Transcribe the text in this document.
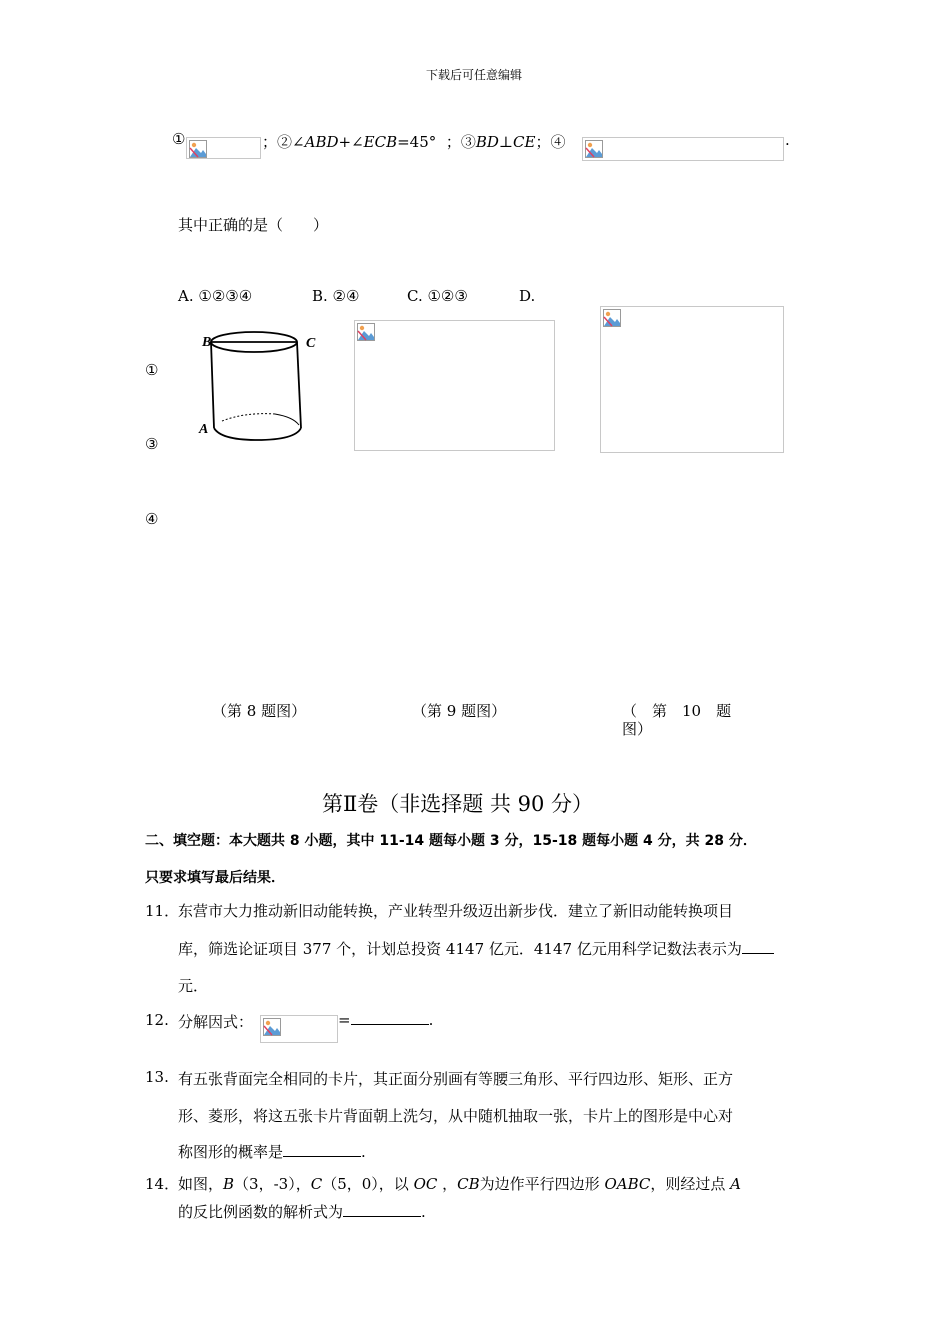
下载后可任意编辑
①	；②∠ABD+∠ECB=45° ；③BD⊥CE；④	.
其中正确的是（　　）
A. ①②③④	B. ②④	C. ①②③	D.
①
③
④
B	C
A
（第 8 题图）	（第 9 题图）	（　第　10　题
图）
第Ⅱ卷（非选择题 共 90 分）
二、填空题：本大题共 8 小题，其中 11-14 题每小题 3 分，15-18 题每小题 4 分，共 28 分．
只要求填写最后结果．
11．
东营市大力推动新旧动能转换，产业转型升级迈出新步伐．建立了新旧动能转换项目
库，筛选论证项目 377 个，计划总投资 4147 亿元．4147 亿元用科学记数法表示为
元．
12. 分解因式：	=	.
13. 有五张背面完全相同的卡片，其正面分别画有等腰三角形、平行四边形、矩形、正方
形、菱形，将这五张卡片背面朝上洗匀，从中随机抽取一张，卡片上的图形是中心对
称图形的概率是	.
14．
如图，B（3，-3），C（5，0），以 OC ，CB为边作平行四边形 OABC，则经过点 A
的反比例函数的解析式为	.
